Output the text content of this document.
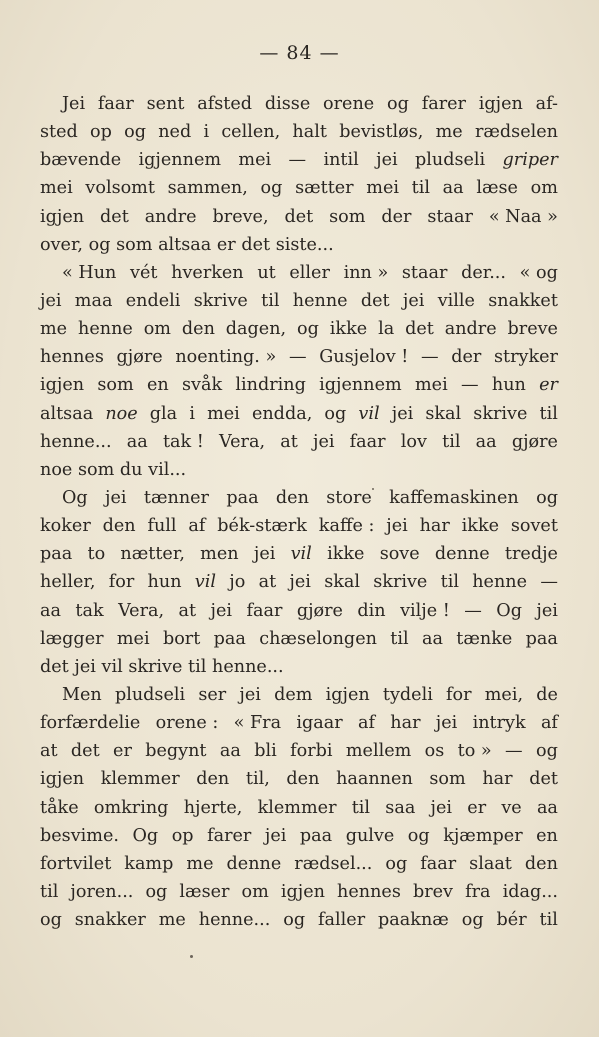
— 84 —
Jei faar sent afsted disse orene og farer igjen af-
sted op og ned i cellen, halt bevistløs, me rædselen
bævende igjennem mei — intil jei pludseli griper
mei volsomt sammen, og sætter mei til aa læse om
igjen det andre breve, det som der staar « Naa »
over, og som altsaa er det siste...
« Hun vét hverken ut eller inn » staar der... « og
jei maa endeli skrive til henne det jei ville snakket
me henne om den dagen, og ikke la det andre breve
hennes gjøre noenting. » — Gusjelov ! — der stryker
igjen som en svåk lindring igjennem mei — hun er
altsaa noe gla i mei endda, og vil jei skal skrive til
henne... aa tak ! Vera, at jei faar lov til aa gjøre
noe som du vil...
Og jei tænner paa den store kaffemaskinen og
koker den full af bék-stærk kaffe : jei har ikke sovet
paa to nætter, men jei vil ikke sove denne tredje
heller, for hun vil jo at jei skal skrive til henne —
aa tak Vera, at jei faar gjøre din vilje ! — Og jei
lægger mei bort paa chæselongen til aa tænke paa
det jei vil skrive til henne...
Men pludseli ser jei dem igjen tydeli for mei, de
forfærdelie orene : « Fra igaar af har jei intryk af
at det er begynt aa bli forbi mellem os to » — og
igjen klemmer den til, den haannen som har det
tåke omkring hjerte, klemmer til saa jei er ve aa
besvime. Og op farer jei paa gulve og kjæmper en
fortvilet kamp me denne rædsel... og faar slaat den
til joren... og læser om igjen hennes brev fra idag...
og snakker me henne... og faller paaknæ og bér til
